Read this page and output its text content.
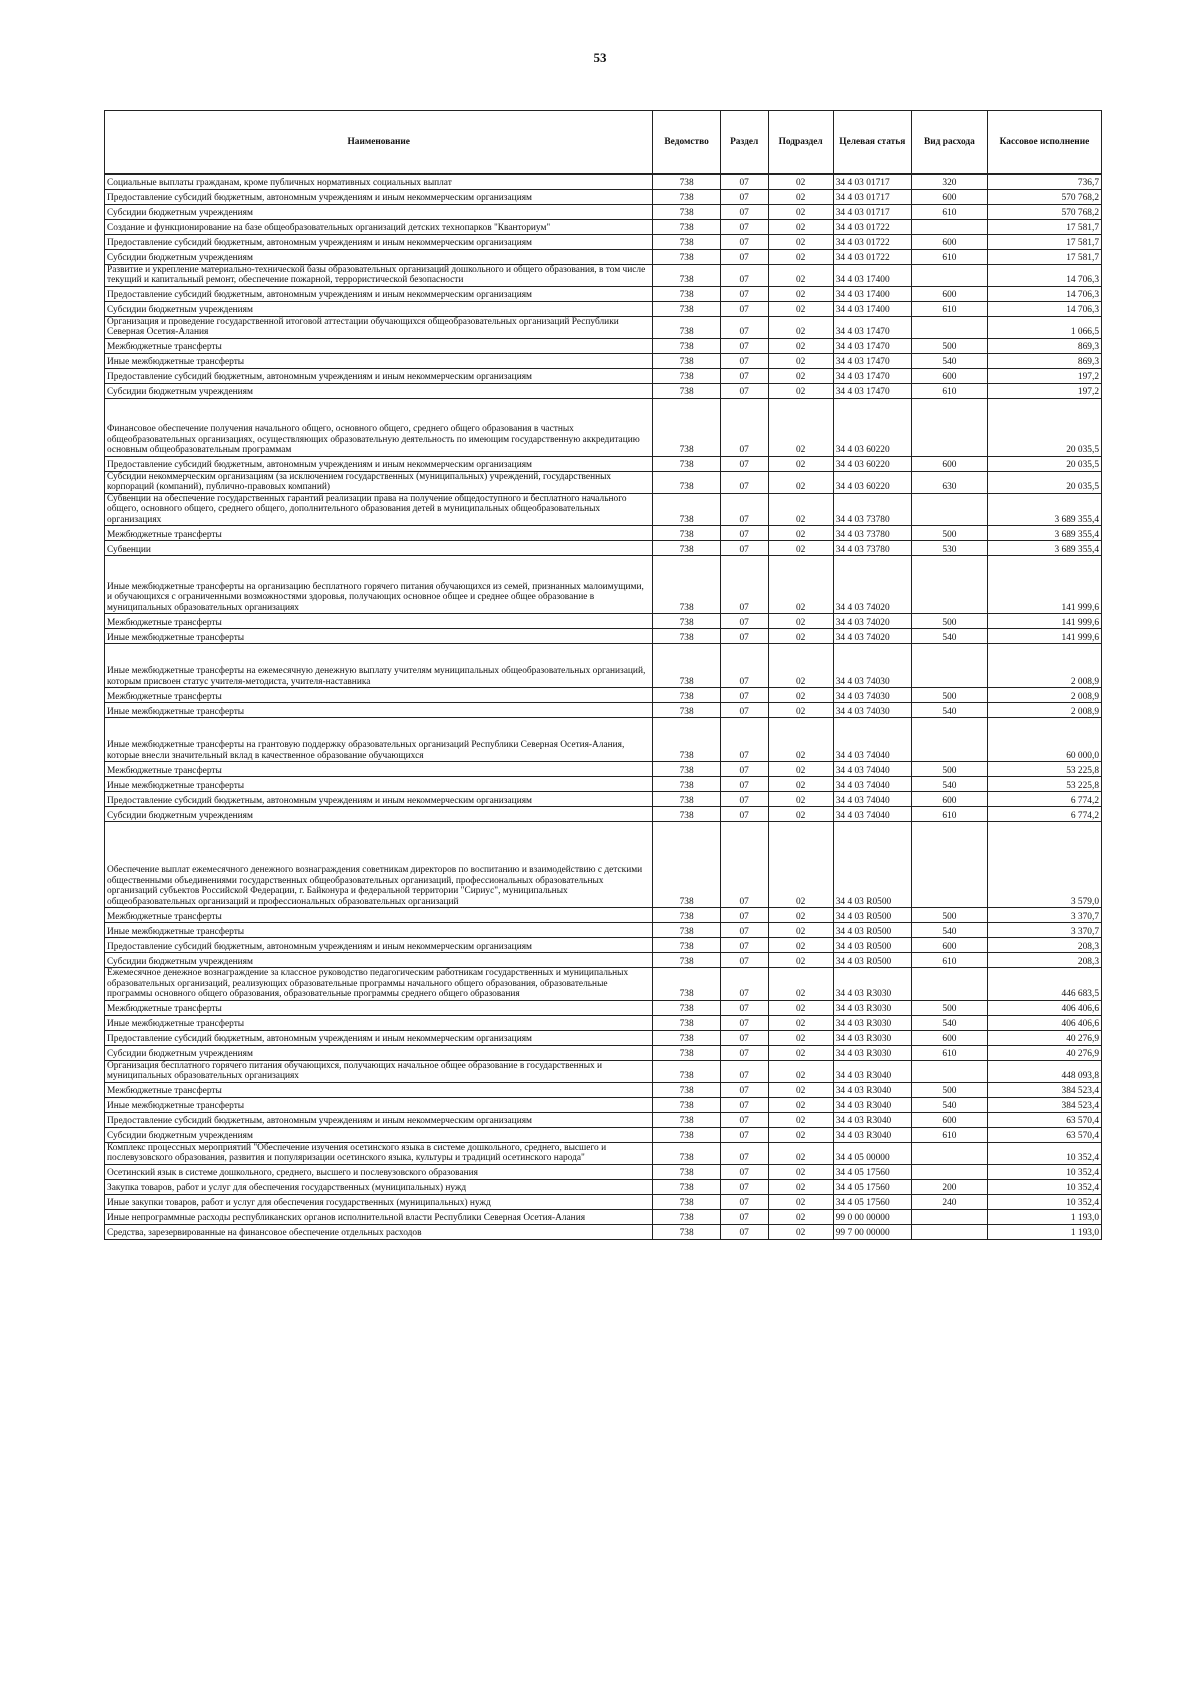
53
Наименование	Ведомство	Раздел	Подраздел	Целевая статья	Вид расхода	Кассовое исполнение
Социальные выплаты гражданам, кроме публичных нормативных социальных выплат	738	07	02	34 4 03 01717	320	736,7
Предоставление субсидий бюджетным, автономным учреждениям и иным некоммерческим организациям	738	07	02	34 4 03 01717	600	570 768,2
Субсидии бюджетным учреждениям	738	07	02	34 4 03 01717	610	570 768,2
Создание и функционирование на базе общеобразовательных организаций детских технопарков "Кванториум"	738	07	02	34 4 03 01722		17 581,7
Предоставление субсидий бюджетным, автономным учреждениям и иным некоммерческим организациям	738	07	02	34 4 03 01722	600	17 581,7
Субсидии бюджетным учреждениям	738	07	02	34 4 03 01722	610	17 581,7
Развитие и укрепление материально-технической базы образовательных организаций дошкольного и общего образования, в том числе текущий и капитальный ремонт, обеспечение пожарной, террористической безопасности	738	07	02	34 4 03 17400		14 706,3
Предоставление субсидий бюджетным, автономным учреждениям и иным некоммерческим организациям	738	07	02	34 4 03 17400	600	14 706,3
Субсидии бюджетным учреждениям	738	07	02	34 4 03 17400	610	14 706,3
Организация и проведение государственной итоговой аттестации обучающихся общеобразовательных организаций Республики Северная Осетия-Алания	738	07	02	34 4 03 17470		1 066,5
Межбюджетные трансферты	738	07	02	34 4 03 17470	500	869,3
Иные межбюджетные трансферты	738	07	02	34 4 03 17470	540	869,3
Предоставление субсидий бюджетным, автономным учреждениям и иным некоммерческим организациям	738	07	02	34 4 03 17470	600	197,2
Субсидии бюджетным учреждениям	738	07	02	34 4 03 17470	610	197,2
Финансовое обеспечение получения начального общего, основного общего, среднего общего образования в частных общеобразовательных организациях, осуществляющих образовательную деятельность по имеющим государственную аккредитацию основным общеобразовательным программам	738	07	02	34 4 03 60220		20 035,5
Предоставление субсидий бюджетным, автономным учреждениям и иным некоммерческим организациям	738	07	02	34 4 03 60220	600	20 035,5
Субсидии некоммерческим организациям (за исключением государственных (муниципальных) учреждений, государственных корпораций (компаний), публично-правовых компаний)	738	07	02	34 4 03 60220	630	20 035,5
Субвенции на обеспечение государственных гарантий реализации права на получение общедоступного и бесплатного начального общего, основного общего, среднего общего, дополнительного образования детей в муниципальных общеобразовательных организациях	738	07	02	34 4 03 73780		3 689 355,4
Межбюджетные трансферты	738	07	02	34 4 03 73780	500	3 689 355,4
Субвенции	738	07	02	34 4 03 73780	530	3 689 355,4
Иные межбюджетные трансферты на организацию бесплатного горячего питания обучающихся из семей, признанных малоимущими, и обучающихся с ограниченными возможностями здоровья, получающих основное общее и среднее общее образование в муниципальных образовательных организациях	738	07	02	34 4 03 74020		141 999,6
Межбюджетные трансферты	738	07	02	34 4 03 74020	500	141 999,6
Иные межбюджетные трансферты	738	07	02	34 4 03 74020	540	141 999,6
Иные межбюджетные трансферты на ежемесячную денежную выплату учителям муниципальных общеобразовательных организаций, которым присвоен статус учителя-методиста, учителя-наставника	738	07	02	34 4 03 74030		2 008,9
Межбюджетные трансферты	738	07	02	34 4 03 74030	500	2 008,9
Иные межбюджетные трансферты	738	07	02	34 4 03 74030	540	2 008,9
Иные межбюджетные трансферты на грантовую поддержку образовательных организаций Республики Северная Осетия-Алания, которые внесли значительный вклад в качественное образование обучающихся	738	07	02	34 4 03 74040		60 000,0
Межбюджетные трансферты	738	07	02	34 4 03 74040	500	53 225,8
Иные межбюджетные трансферты	738	07	02	34 4 03 74040	540	53 225,8
Предоставление субсидий бюджетным, автономным учреждениям и иным некоммерческим организациям	738	07	02	34 4 03 74040	600	6 774,2
Субсидии бюджетным учреждениям	738	07	02	34 4 03 74040	610	6 774,2
Обеспечение выплат ежемесячного денежного вознаграждения советникам директоров по воспитанию и взаимодействию с детскими общественными объединениями государственных общеобразовательных организаций, профессиональных образовательных организаций субъектов Российской Федерации, г. Байконура и федеральной территории "Сириус", муниципальных общеобразовательных организаций и профессиональных образовательных организаций	738	07	02	34 4 03 R0500		3 579,0
Межбюджетные трансферты	738	07	02	34 4 03 R0500	500	3 370,7
Иные межбюджетные трансферты	738	07	02	34 4 03 R0500	540	3 370,7
Предоставление субсидий бюджетным, автономным учреждениям и иным некоммерческим организациям	738	07	02	34 4 03 R0500	600	208,3
Субсидии бюджетным учреждениям	738	07	02	34 4 03 R0500	610	208,3
Ежемесячное денежное вознаграждение за классное руководство педагогическим работникам государственных и муниципальных образовательных организаций, реализующих образовательные программы начального общего образования, образовательные программы основного общего образования, образовательные программы среднего общего образования	738	07	02	34 4 03 R3030		446 683,5
Межбюджетные трансферты	738	07	02	34 4 03 R3030	500	406 406,6
Иные межбюджетные трансферты	738	07	02	34 4 03 R3030	540	406 406,6
Предоставление субсидий бюджетным, автономным учреждениям и иным некоммерческим организациям	738	07	02	34 4 03 R3030	600	40 276,9
Субсидии бюджетным учреждениям	738	07	02	34 4 03 R3030	610	40 276,9
Организация бесплатного горячего питания обучающихся, получающих начальное общее образование в государственных и муниципальных образовательных организациях	738	07	02	34 4 03 R3040		448 093,8
Межбюджетные трансферты	738	07	02	34 4 03 R3040	500	384 523,4
Иные межбюджетные трансферты	738	07	02	34 4 03 R3040	540	384 523,4
Предоставление субсидий бюджетным, автономным учреждениям и иным некоммерческим организациям	738	07	02	34 4 03 R3040	600	63 570,4
Субсидии бюджетным учреждениям	738	07	02	34 4 03 R3040	610	63 570,4
Комплекс процессных мероприятий "Обеспечение изучения осетинского языка в системе дошкольного, среднего, высшего и послевузовского образования, развития и популяризации осетинского языка, культуры и традиций осетинского народа"	738	07	02	34 4 05 00000		10 352,4
Осетинский язык в системе дошкольного, среднего, высшего и послевузовского образования	738	07	02	34 4 05 17560		10 352,4
Закупка товаров, работ и услуг для обеспечения государственных (муниципальных) нужд	738	07	02	34 4 05 17560	200	10 352,4
Иные закупки товаров, работ и услуг для обеспечения государственных (муниципальных) нужд	738	07	02	34 4 05 17560	240	10 352,4
Иные непрограммные расходы республиканских органов исполнительной власти Республики Северная Осетия-Алания	738	07	02	99 0 00 00000		1 193,0
Средства, зарезервированные на финансовое обеспечение отдельных расходов	738	07	02	99 7 00 00000		1 193,0
